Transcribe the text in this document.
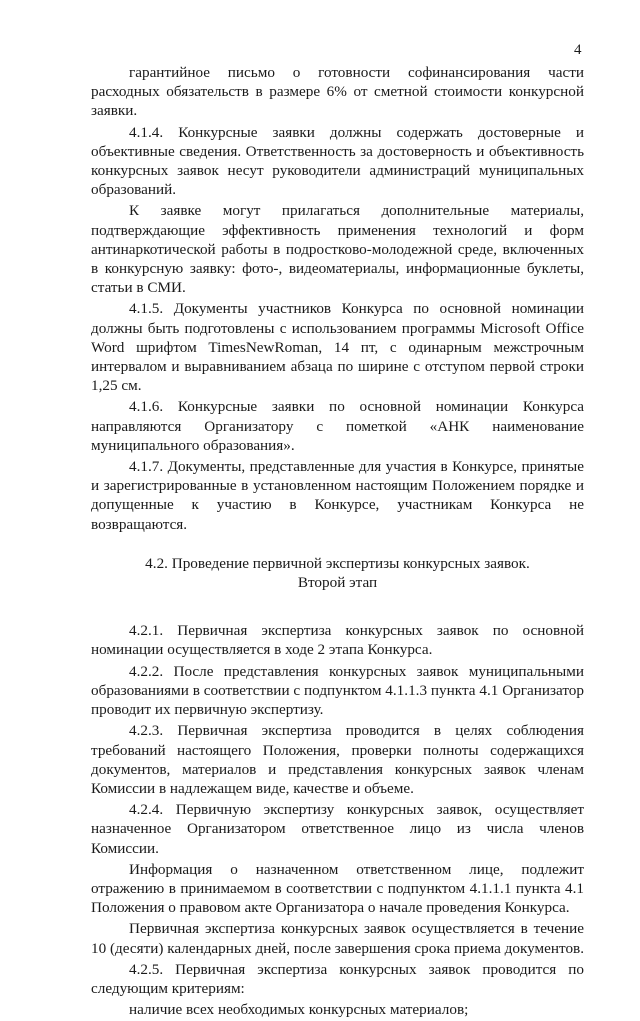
4

гарантийное письмо о готовности софинансирования части расходных обязательств в размере 6% от сметной стоимости конкурсной заявки.

4.1.4. Конкурсные заявки должны содержать достоверные и объективные сведения. Ответственность за достоверность и объективность конкурсных заявок несут руководители администраций муниципальных образований.

К заявке могут прилагаться дополнительные материалы, подтверждающие эффективность применения технологий и форм антинаркотической работы в подростково-молодежной среде, включенных в конкурсную заявку: фото-, видеоматериалы, информационные буклеты, статьи в СМИ.

4.1.5. Документы участников Конкурса по основной номинации должны быть подготовлены с использованием программы Microsoft Office Word шрифтом TimesNewRoman, 14 пт, с одинарным межстрочным интервалом и выравниванием абзаца по ширине с отступом первой строки 1,25 см.

4.1.6. Конкурсные заявки по основной номинации Конкурса направляются Организатору с пометкой «АНК наименование муниципального образования».

4.1.7. Документы, представленные для участия в Конкурсе, принятые и зарегистрированные в установленном настоящим Положением порядке и допущенные к участию в Конкурсе, участникам Конкурса не возвращаются.

4.2. Проведение первичной экспертизы конкурсных заявок.
Второй этап

4.2.1. Первичная экспертиза конкурсных заявок по основной номинации осуществляется в ходе 2 этапа Конкурса.

4.2.2. После представления конкурсных заявок муниципальными образованиями в соответствии с подпунктом 4.1.1.3 пункта 4.1 Организатор проводит их первичную экспертизу.

4.2.3. Первичная экспертиза проводится в целях соблюдения требований настоящего Положения, проверки полноты содержащихся документов, материалов и представления конкурсных заявок членам Комиссии в надлежащем виде, качестве и объеме.

4.2.4. Первичную экспертизу конкурсных заявок, осуществляет назначенное Организатором ответственное лицо из числа членов Комиссии.

Информация о назначенном ответственном лице, подлежит отражению в принимаемом в соответствии с подпунктом 4.1.1.1 пункта 4.1 Положения о правовом акте Организатора о начале проведения Конкурса.

Первичная экспертиза конкурсных заявок осуществляется в течение 10 (десяти) календарных дней, после завершения срока приема документов.

4.2.5. Первичная экспертиза конкурсных заявок проводится по следующим критериям:

наличие всех необходимых конкурсных материалов;
